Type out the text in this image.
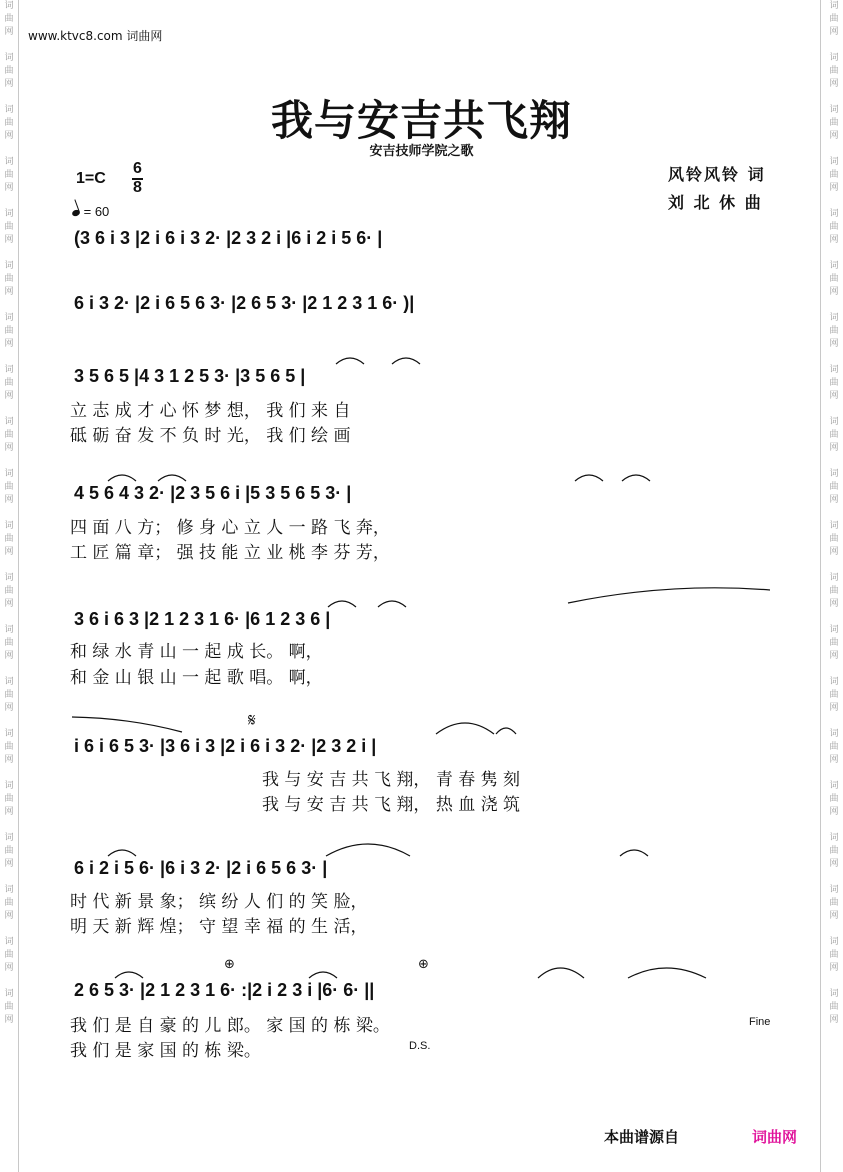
词
曲
网

词
曲
网

词
曲
网

词
曲
网

词
曲
网

词
曲
网

词
曲
网

词
曲
网

词
曲
网

词
曲
网

词
曲
网

词
曲
网

词
曲
网

词
曲
网

词
曲
网

词
曲
网

词
曲
网

词
曲
网

词
曲
网

词
曲
网
词
曲
网

词
曲
网

词
曲
网

词
曲
网

词
曲
网

词
曲
网

词
曲
网

词
曲
网

词
曲
网

词
曲
网

词
曲
网

词
曲
网

词
曲
网

词
曲
网

词
曲
网

词
曲
网

词
曲
网

词
曲
网

词
曲
网

词
曲
网
www.ktvc8.com 词曲网
我与安吉共飞翔
安吉技师学院之歌
风铃风铃 词
刘 北 休 曲
1=C
6
8
= 60
(3 6 i 3 |2 i 6 i 3 2· |2 3 2 i |6 i 2 i 5 6· |
6 i 3 2· |2 i 6 5 6 3· |2 6 5 3· |2 1 2 3 1 6· )|
3 5 6 5 |4 3 1 2 5 3· |3 5 6 5 |
立 志 成 才 心 怀 梦 想， 我 们 来 自
砥 砺 奋 发 不 负 时 光， 我 们 绘 画
4 5 6 4 3 2· |2 3 5 6 i |5 3 5 6 5 3· |
四 面 八 方； 修 身 心 立 人 一 路 飞 奔，
工 匠 篇 章； 强 技 能 立 业 桃 李 芬 芳，
3 6 i 6 3 |2 1 2 3 1 6· |6 1 2 3 6 |
和 绿 水 青 山 一 起 成 长。 啊，
和 金 山 银 山 一 起 歌 唱。 啊，
i 6 i 6 5 3· |3 6 i 3 |2 i 6 i 3 2· |2 3 2 i |
我 与 安 吉 共 飞 翔， 青 春 隽 刻
我 与 安 吉 共 飞 翔， 热 血 浇 筑
6 i 2 i 5 6· |6 i 3 2· |2 i 6 5 6 3· |
时 代 新 景 象； 缤 纷 人 们 的 笑 脸，
明 天 新 辉 煌； 守 望 幸 福 的 生 活，
2 6 5 3· |2 1 2 3 1 6· :|2 i 2 3 i |6· 6· ||
我 们 是 自 豪 的 儿 郎。 家 国 的 栋 梁。
我 们 是 家 国 的 栋 梁。
𝄋
⊕	⊕
Fine
D.S.
本曲谱源自	词曲网
